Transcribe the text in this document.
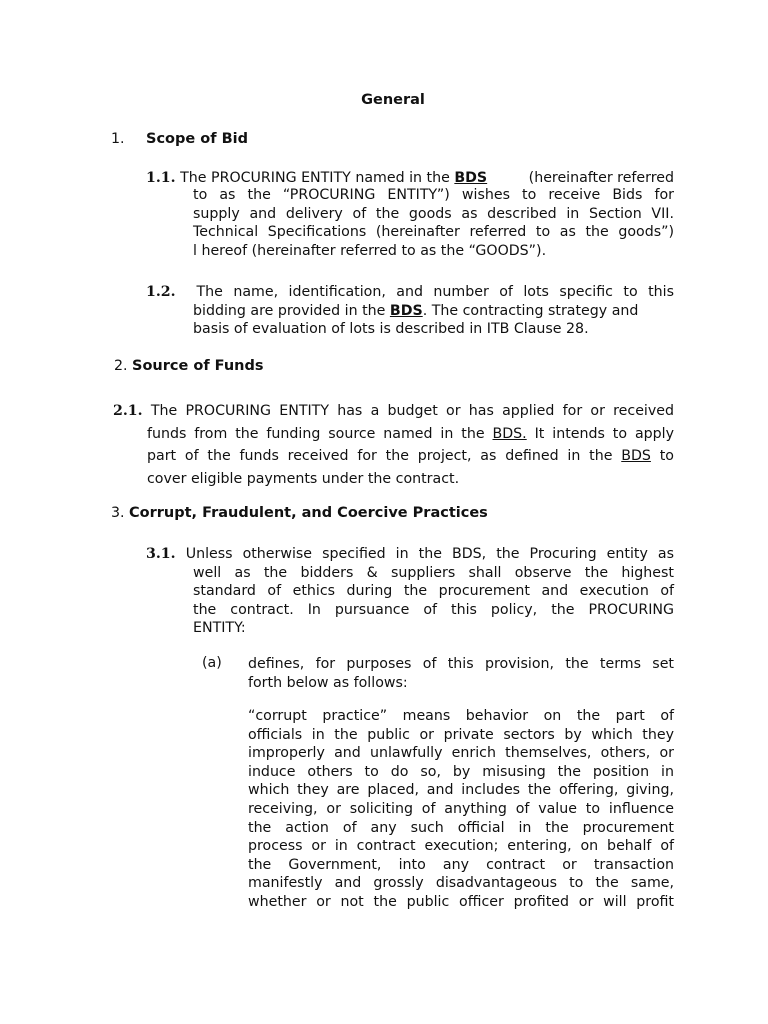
General
1. Scope of Bid
1.1. The PROCURING ENTITY named in the BDS	(hereinafter referred
to as the “PROCURING ENTITY”) wishes to receive Bids for
supply and delivery of the goods as described in Section VII.
Technical Specifications (hereinafter referred to as the goods”)
l hereof (hereinafter referred to as the “GOODS”).
1.2. The name, identification, and number of lots specific to this
bidding are provided in the BDS. The contracting strategy and
basis of evaluation of lots is described in ITB Clause 28.
2. Source of Funds
2.1. The PROCURING ENTITY has a budget or has applied for or received
funds from the funding source named in the BDS. It intends to apply
part of the funds received for the project, as defined in the BDS to
cover eligible payments under the contract.
3. Corrupt, Fraudulent, and Coercive Practices
3.1. Unless otherwise specified in the BDS, the Procuring entity as
well as the bidders & suppliers shall observe the highest
standard of ethics during the procurement and execution of
the contract. In pursuance of this policy, the PROCURING
ENTITY:
(a) defines, for purposes of this provision, the terms set
forth below as follows:
“corrupt practice” means behavior on the part of
officials in the public or private sectors by which they
improperly and unlawfully enrich themselves, others, or
induce others to do so, by misusing the position in
which they are placed, and includes the offering, giving,
receiving, or soliciting of anything of value to influence
the action of any such official in the procurement
process or in contract execution; entering, on behalf of
the Government, into any contract or transaction
manifestly and grossly disadvantageous to the same,
whether or not the public officer profited or will profit
